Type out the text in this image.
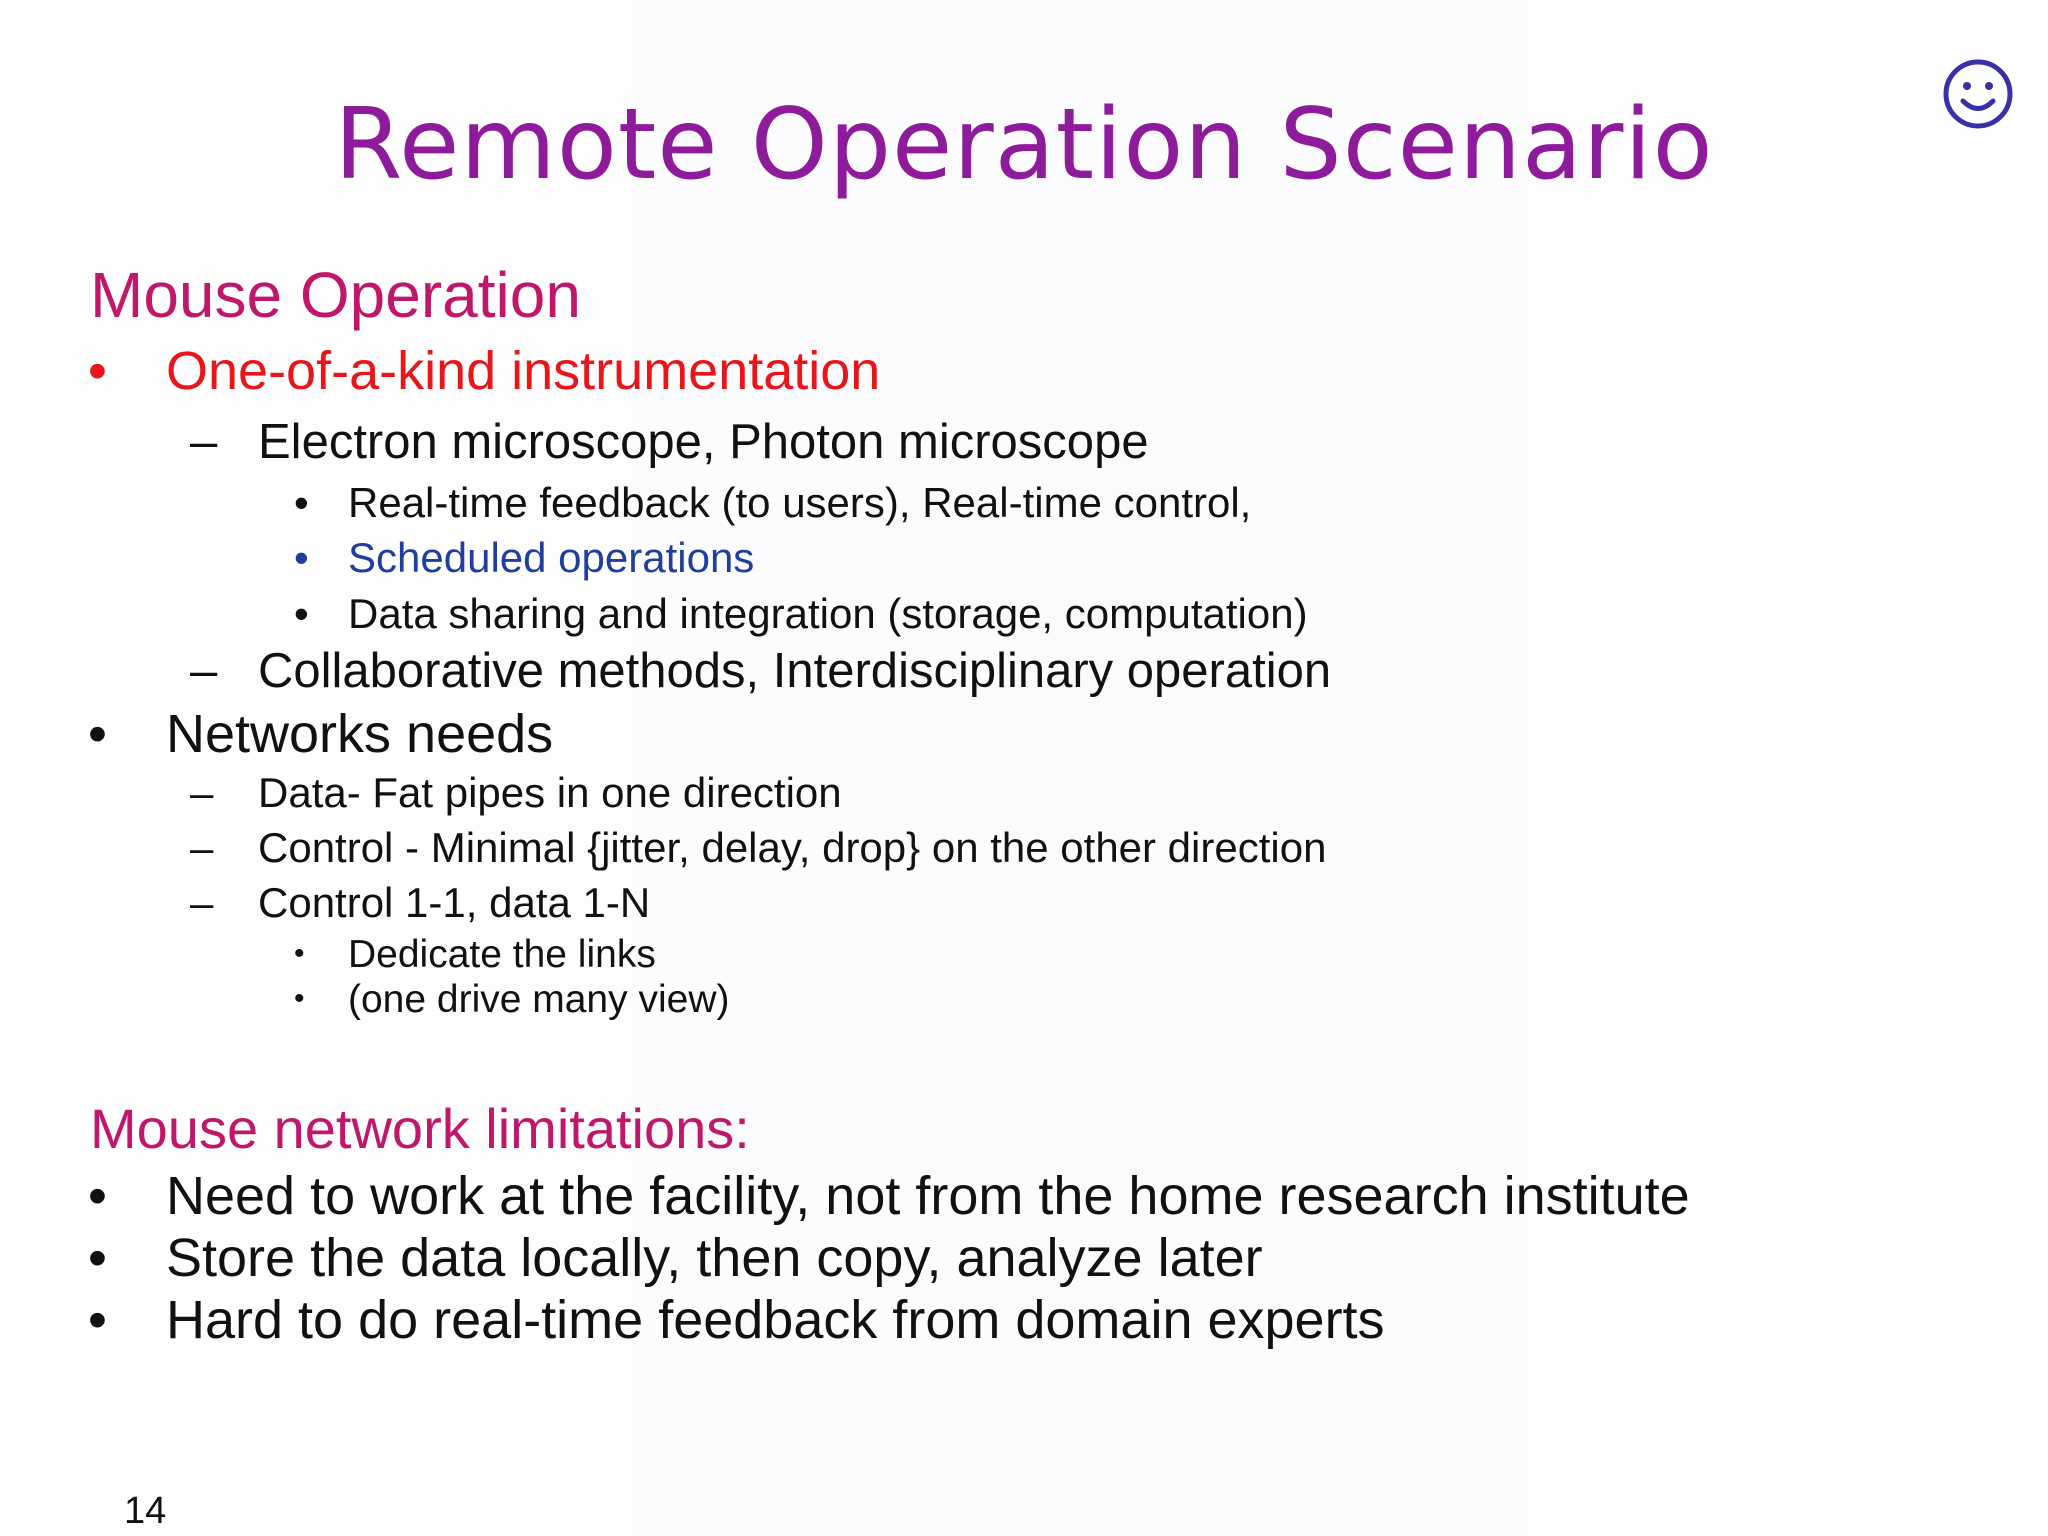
Remote Operation Scenario
Mouse Operation
• One-of-a-kind instrumentation
– Electron microscope, Photon microscope
• Real-time feedback (to users), Real-time control,
• Scheduled operations
• Data sharing and integration (storage, computation)
– Collaborative methods, Interdisciplinary operation
• Networks needs
– Data- Fat pipes in one direction
– Control - Minimal {jitter, delay, drop} on the other direction
– Control 1-1, data 1-N
• Dedicate the links
• (one drive many view)
Mouse network limitations:
• Need to work at the facility, not from the home research institute
• Store the data locally, then copy, analyze later
• Hard to do real-time feedback from domain experts
14
